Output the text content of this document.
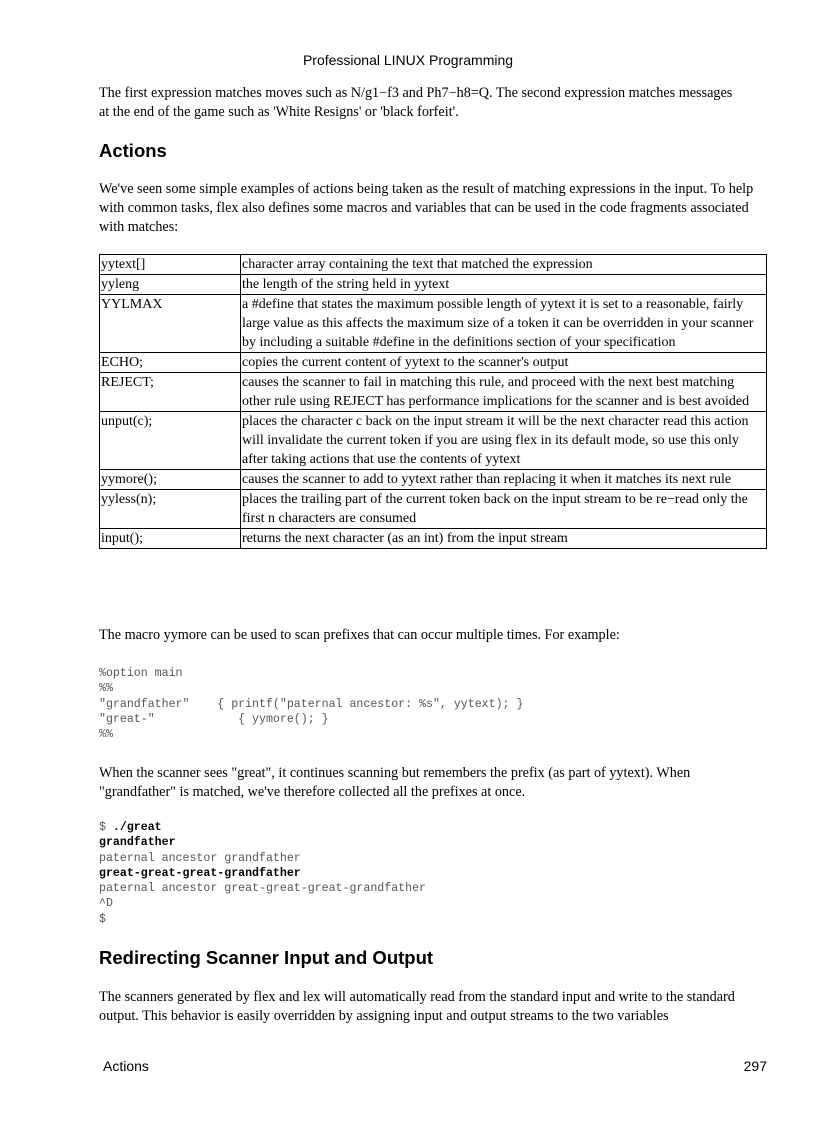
Professional LINUX Programming

The first expression matches moves such as N/g1−f3 and Ph7−h8=Q. The second expression matches messages at the end of the game such as 'White Resigns' or 'black forfeit'.

Actions

We've seen some simple examples of actions being taken as the result of matching expressions in the input. To help with common tasks, flex also defines some macros and variables that can be used in the code fragments associated with matches:

yytext[]	character array containing the text that matched the expression
yyleng	the length of the string held in yytext
YYLMAX	a #define that states the maximum possible length of yytext it is set to a reasonable, fairly large value as this affects the maximum size of a token it can be overridden in your scanner by including a suitable #define in the definitions section of your specification
ECHO;	copies the current content of yytext to the scanner's output
REJECT;	causes the scanner to fail in matching this rule, and proceed with the next best matching other rule using REJECT has performance implications for the scanner and is best avoided
unput(c);	places the character c back on the input stream it will be the next character read this action will invalidate the current token if you are using flex in its default mode, so use this only after taking actions that use the contents of yytext
yymore();	causes the scanner to add to yytext rather than replacing it when it matches its next rule
yyless(n);	places the trailing part of the current token back on the input stream to be re−read only the first n characters are consumed
input();	returns the next character (as an int) from the input stream

The macro yymore can be used to scan prefixes that can occur multiple times. For example:

%option main
%%
"grandfather"    { printf("paternal ancestor: %s", yytext); }
"great-"            { yymore(); }
%%

When the scanner sees "great", it continues scanning but remembers the prefix (as part of yytext). When "grandfather" is matched, we've therefore collected all the prefixes at once.

$ ./great
grandfather
paternal ancestor grandfather
great-great-great-grandfather
paternal ancestor great-great-great-grandfather
^D
$
Redirecting Scanner Input and Output

The scanners generated by flex and lex will automatically read from the standard input and write to the standard output. This behavior is easily overridden by assigning input and output streams to the two variables

Actions	297
